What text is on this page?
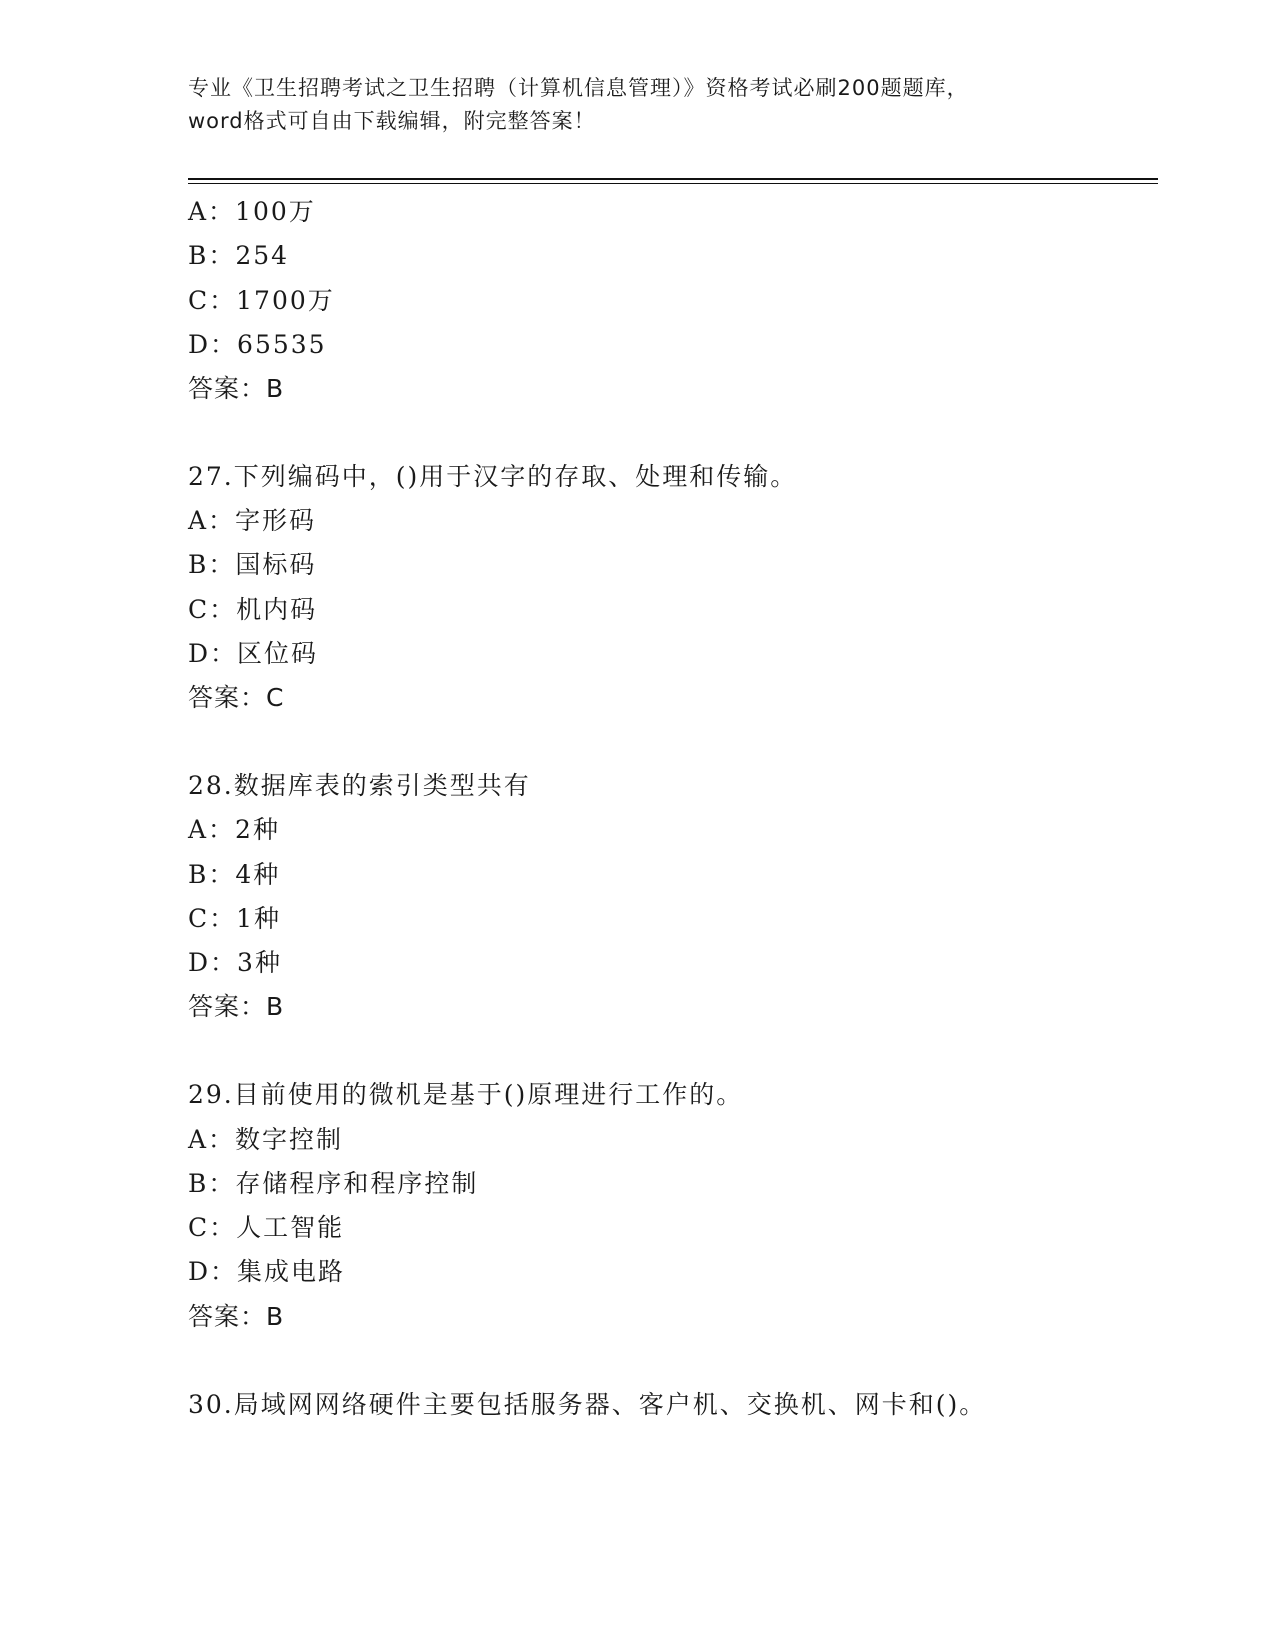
专业《卫生招聘考试之卫生招聘（计算机信息管理）》资格考试必刷200题题库，
word格式可自由下载编辑，附完整答案！
A：100万
B：254
C：1700万
D：65535
答案：B
27.下列编码中，()用于汉字的存取、处理和传输。
A：字形码
B：国标码
C：机内码
D：区位码
答案：C
28.数据库表的索引类型共有
A：2种
B：4种
C：1种
D：3种
答案：B
29.目前使用的微机是基于()原理进行工作的。
A：数字控制
B：存储程序和程序控制
C：人工智能
D：集成电路
答案：B
30.局域网网络硬件主要包括服务器、客户机、交换机、网卡和()。
